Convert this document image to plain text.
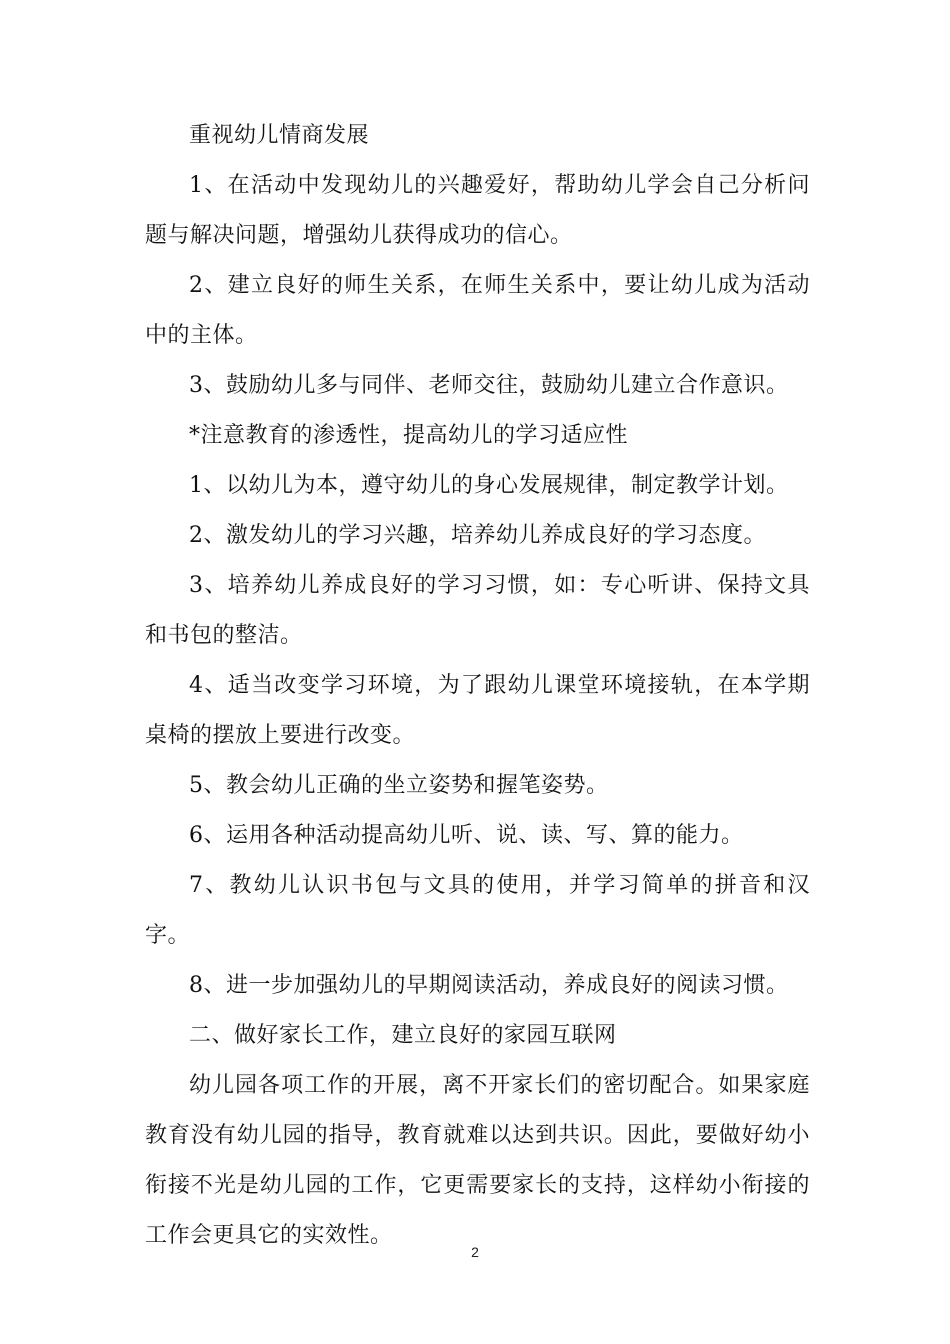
重视幼儿情商发展

1、在活动中发现幼儿的兴趣爱好，帮助幼儿学会自己分析问题与解决问题，增强幼儿获得成功的信心。

2、建立良好的师生关系，在师生关系中，要让幼儿成为活动中的主体。

3、鼓励幼儿多与同伴、老师交往，鼓励幼儿建立合作意识。

*注意教育的渗透性，提高幼儿的学习适应性

1、以幼儿为本，遵守幼儿的身心发展规律，制定教学计划。

2、激发幼儿的学习兴趣，培养幼儿养成良好的学习态度。

3、培养幼儿养成良好的学习习惯，如：专心听讲、保持文具和书包的整洁。

4、适当改变学习环境，为了跟幼儿课堂环境接轨，在本学期桌椅的摆放上要进行改变。

5、教会幼儿正确的坐立姿势和握笔姿势。

6、运用各种活动提高幼儿听、说、读、写、算的能力。

7、教幼儿认识书包与文具的使用，并学习简单的拼音和汉字。

8、进一步加强幼儿的早期阅读活动，养成良好的阅读习惯。

二、做好家长工作，建立良好的家园互联网

幼儿园各项工作的开展，离不开家长们的密切配合。如果家庭教育没有幼儿园的指导，教育就难以达到共识。因此，要做好幼小衔接不光是幼儿园的工作，它更需要家长的支持，这样幼小衔接的工作会更具它的实效性。

2
